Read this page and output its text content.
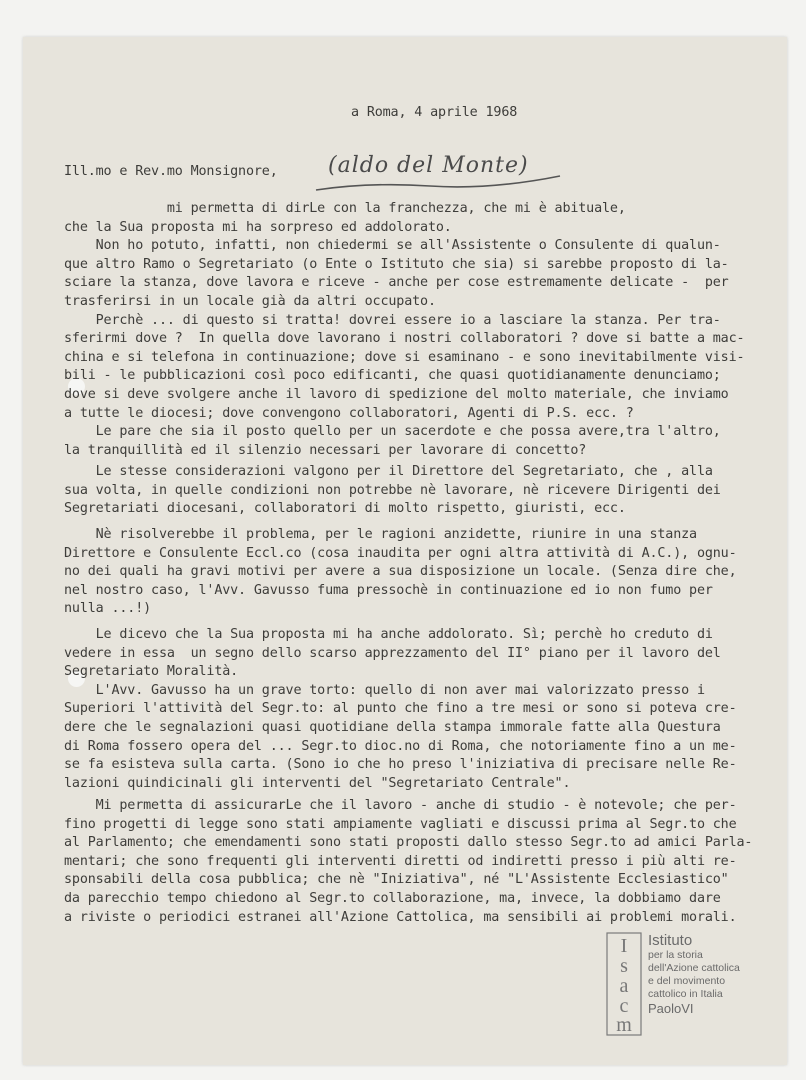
a Roma, 4 aprile 1968
Ill.mo e Rev.mo Monsignore, (aldo del Monte)
mi permetta di dirLe con la franchezza, che mi è abituale,
che la Sua proposta mi ha sorpreso ed addolorato.
Non ho potuto, infatti, non chiedermi se all'Assistente o Consulente di qualun-
que altro Ramo o Segretariato (o Ente o Istituto che sia) si sarebbe proposto di la-
sciare la stanza, dove lavora e riceve - anche per cose estremamente delicate -  per
trasferirsi in un locale già da altri occupato.
Perchè ... di questo si tratta! dovrei essere io a lasciare la stanza. Per tra-
sferirmi dove ?  In quella dove lavorano i nostri collaboratori ? dove si batte a mac-
china e si telefona in continuazione; dove si esaminano - e sono inevitabilmente visi-
bili - le pubblicazioni così poco edificanti, che quasi quotidianamente denunciamo;
dove si deve svolgere anche il lavoro di spedizione del molto materiale, che inviamo
a tutte le diocesi; dove convengono collaboratori, Agenti di P.S. ecc. ?
Le pare che sia il posto quello per un sacerdote e che possa avere,tra l'altro,
la tranquillità ed il silenzio necessari per lavorare di concetto?
Le stesse considerazioni valgono per il Direttore del Segretariato, che , alla
sua volta, in quelle condizioni non potrebbe nè lavorare, nè ricevere Dirigenti dei
Segretariati diocesani, collaboratori di molto rispetto, giuristi, ecc.
Nè risolverebbe il problema, per le ragioni anzidette, riunire in una stanza
Direttore e Consulente Eccl.co (cosa inaudita per ogni altra attività di A.C.), ognu-
no dei quali ha gravi motivi per avere a sua disposizione un locale. (Senza dire che,
nel nostro caso, l'Avv. Gavusso fuma pressochè in continuazione ed io non fumo per
nulla ...!)
Le dicevo che la Sua proposta mi ha anche addolorato. Sì; perchè ho creduto di
vedere in essa  un segno dello scarso apprezzamento del II° piano per il lavoro del
Segretariato Moralità.
L'Avv. Gavusso ha un grave torto: quello di non aver mai valorizzato presso i
Superiori l'attività del Segr.to: al punto che fino a tre mesi or sono si poteva cre-
dere che le segnalazioni quasi quotidiane della stampa immorale fatte alla Questura
di Roma fossero opera del ... Segr.to dioc.no di Roma, che notoriamente fino a un me-
se fa esisteva sulla carta. (Sono io che ho preso l'iniziativa di precisare nelle Re-
lazioni quindicinali gli interventi del "Segretariato Centrale".
Mi permetta di assicurarLe che il lavoro - anche di studio - è notevole; che per-
fino progetti di legge sono stati ampiamente vagliati e discussi prima al Segr.to che
al Parlamento; che emendamenti sono stati proposti dallo stesso Segr.to ad amici Parla-
mentari; che sono frequenti gli interventi diretti od indiretti presso i più alti re-
sponsabili della cosa pubblica; che nè "Iniziativa", né "L'Assistente Ecclesiastico"
da parecchio tempo chiedono al Segr.to collaborazione, ma, invece, la dobbiamo dare
a riviste o periodici estranei all'Azione Cattolica, ma sensibili ai problemi morali.
I
s
a
c
m
Istituto
per la storia
dell'Azione cattolica
e del movimento
cattolico in Italia
PaoloVI
